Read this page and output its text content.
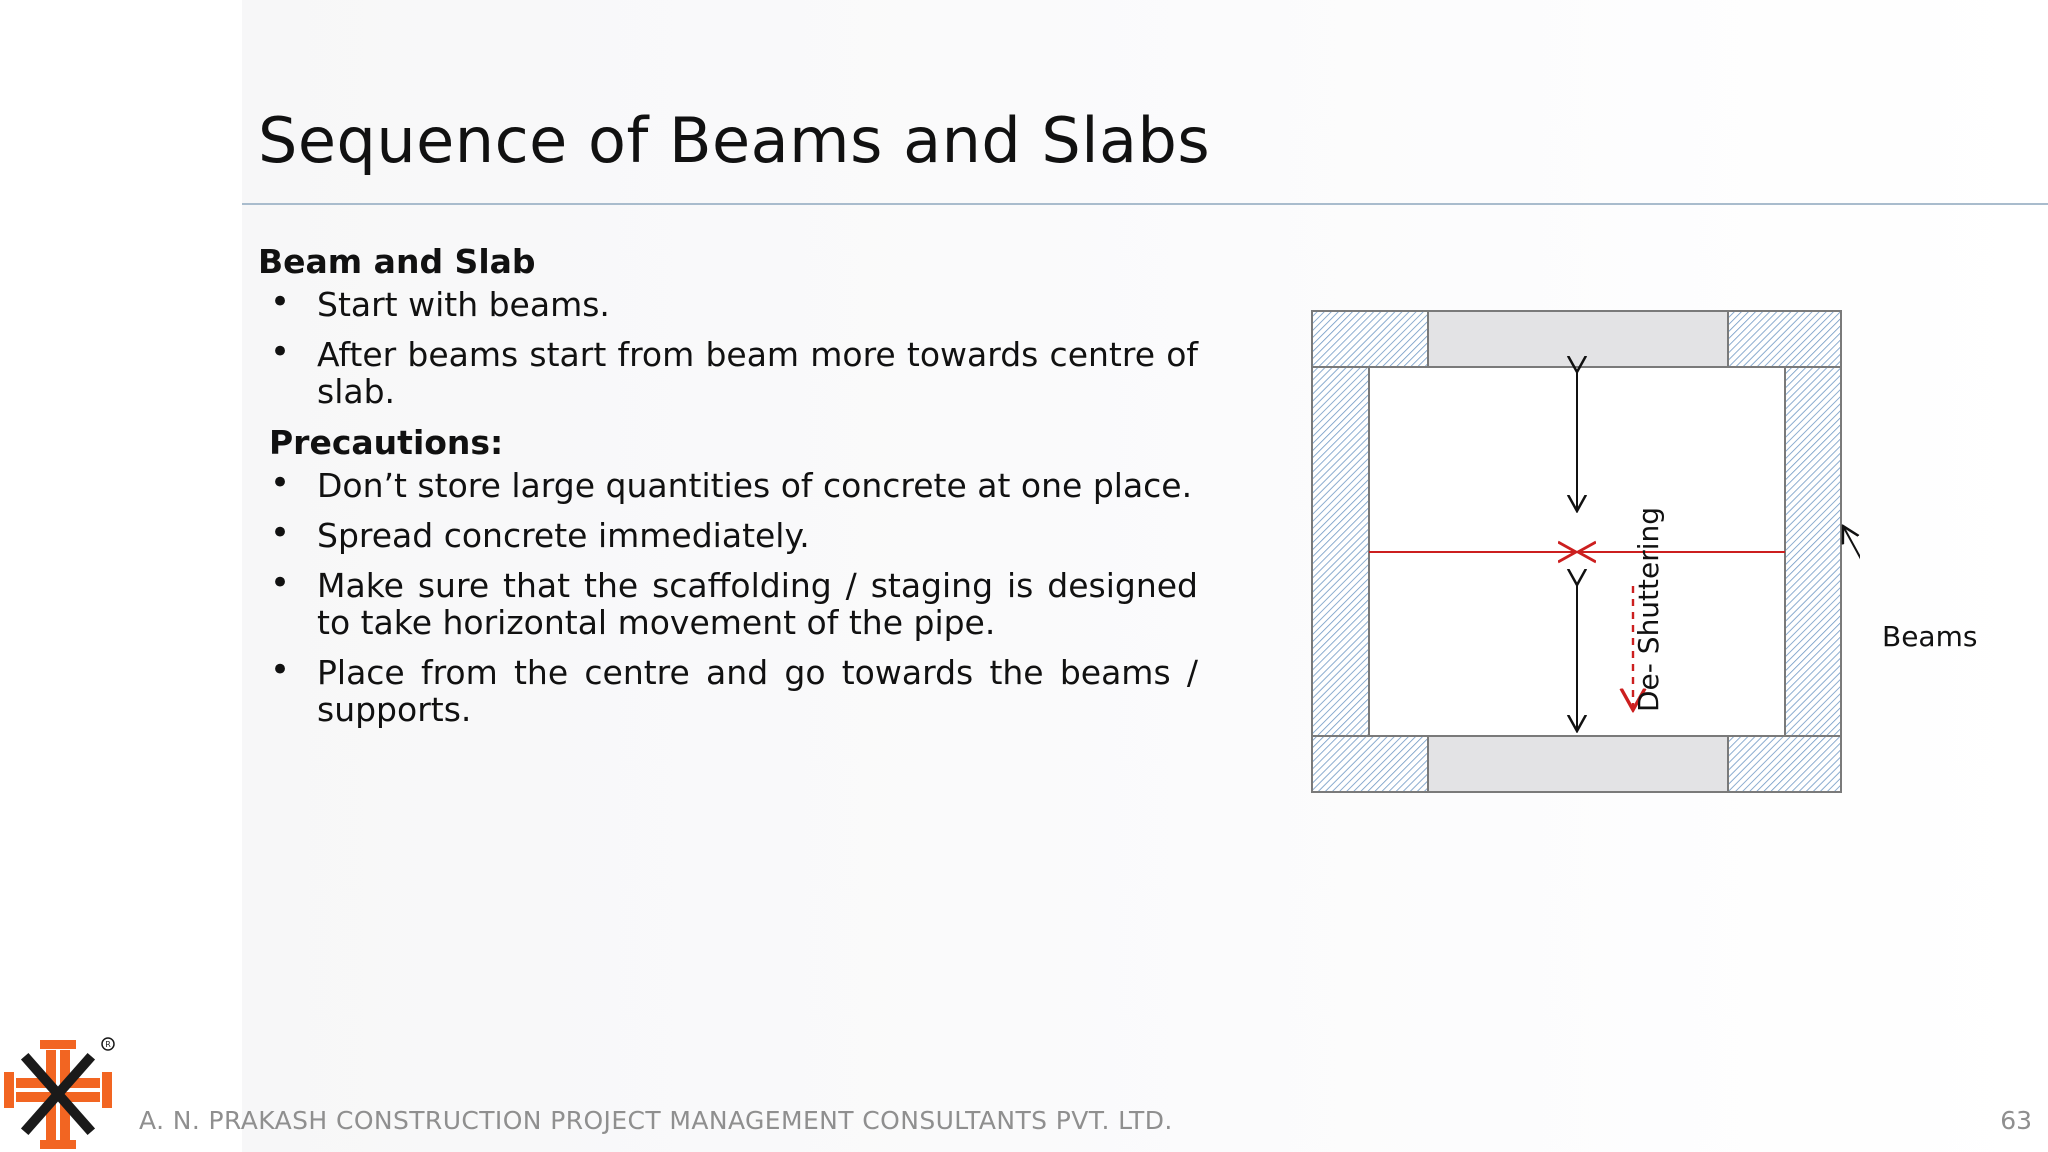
Sequence of Beams and Slabs
Beam and Slab
• Start with beams.
• After beams start from beam more towards centre of slab.
Precautions:
• Don’t store large quantities of concrete at one place.
• Spread concrete immediately.
• Make sure that the scaffolding / staging is designed to take horizontal movement of the pipe.
• Place from the centre and go towards the beams / supports.
Beams
De- Shuttering
R
A. N. PRAKASH CONSTRUCTION PROJECT MANAGEMENT CONSULTANTS PVT. LTD.	63
